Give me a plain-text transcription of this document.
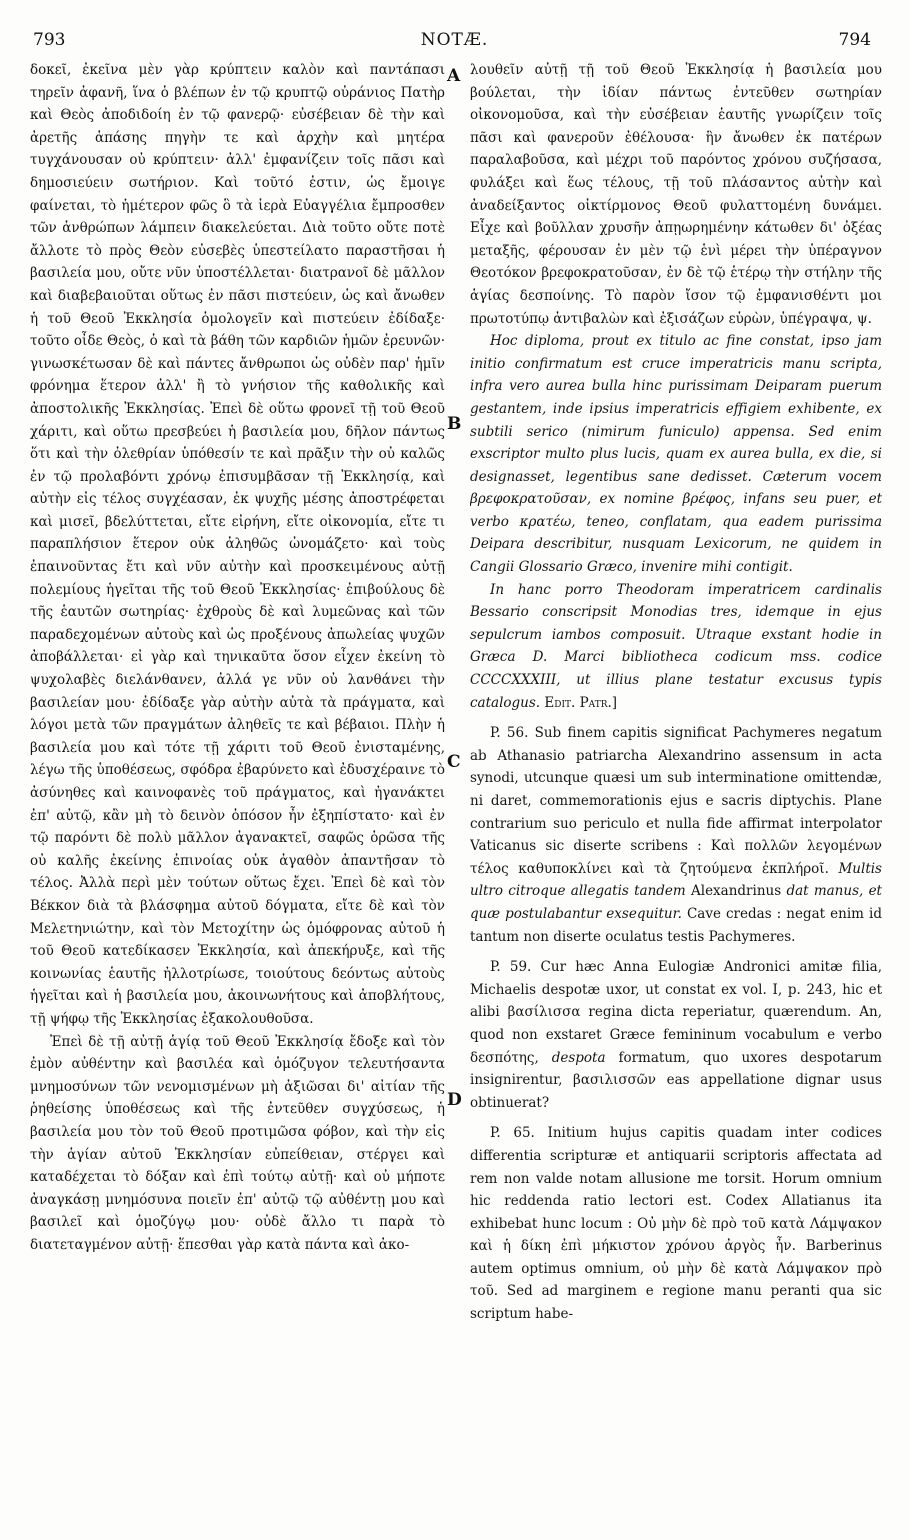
793	NOTÆ.	794

δοκεῖ, ἐκεῖνα μὲν γὰρ κρύπτειν καλὸν καὶ παντάπασι τηρεῖν ἀφανῆ, ἵνα ὁ βλέπων ἐν τῷ κρυπτῷ οὐράνιος Πατὴρ καὶ Θεὸς ἀποδιδοίη ἐν τῷ φανερῷ· εὐσέβειαν δὲ τὴν καὶ ἀρετῆς ἁπάσης πηγὴν τε καὶ ἀρχὴν καὶ μητέρα τυγχάνουσαν οὐ κρύπτειν· ἀλλ' ἐμφανίζειν τοῖς πᾶσι καὶ δημοσιεύειν σωτήριον. Καὶ τοῦτό ἐστιν, ὡς ἔμοιγε φαίνεται, τὸ ἡμέτερον φῶς ὃ τὰ ἱερὰ Εὐαγγέλια ἔμπροσθεν τῶν ἀνθρώπων λάμπειν διακελεύεται. Διὰ τοῦτο οὔτε ποτὲ ἄλλοτε τὸ πρὸς Θεὸν εὐσεβὲς ὑπεστείλατο παραστῆσαι ἡ βασιλεία μου, οὔτε νῦν ὑποστέλλεται· διατρανοῖ δὲ μᾶλλον καὶ διαβεβαιοῦται οὕτως ἐν πᾶσι πιστεύειν, ὡς καὶ ἄνωθεν ἡ τοῦ Θεοῦ Ἐκκλησία ὁμολογεῖν καὶ πιστεύειν ἐδίδαξε· τοῦτο οἶδε Θεὸς, ὁ καὶ τὰ βάθη τῶν καρδιῶν ἡμῶν ἐρευνῶν· γινωσκέτωσαν δὲ καὶ πάντες ἄνθρωποι ὡς οὐδὲν παρ' ἡμῖν φρόνημα ἕτερον ἀλλ' ἢ τὸ γνήσιον τῆς καθολικῆς καὶ ἀποστολικῆς Ἐκκλησίας. Ἐπεὶ δὲ οὕτω φρονεῖ τῇ τοῦ Θεοῦ χάριτι, καὶ οὕτω πρεσβεύει ἡ βασιλεία μου, δῆλον πάντως ὅτι καὶ τὴν ὀλεθρίαν ὑπόθεσίν τε καὶ πρᾶξιν τὴν οὐ καλῶς ἐν τῷ προλαβόντι χρόνῳ ἐπισυμβᾶσαν τῇ Ἐκκλησίᾳ, καὶ αὐτὴν εἰς τέλος συγχέασαν, ἐκ ψυχῆς μέσης ἀποστρέφεται καὶ μισεῖ, βδελύττεται, εἴτε εἰρήνη, εἴτε οἰκονομία, εἴτε τι παραπλήσιον ἕτερον οὐκ ἀληθῶς ὠνομάζετο· καὶ τοὺς ἐπαινοῦντας ἔτι καὶ νῦν αὐτὴν καὶ προσκειμένους αὐτῇ πολεμίους ἡγεῖται τῆς τοῦ Θεοῦ Ἐκκλησίας· ἐπιβούλους δὲ τῆς ἑαυτῶν σωτηρίας· ἐχθροὺς δὲ καὶ λυμεῶνας καὶ τῶν παραδεχομένων αὐτοὺς καὶ ὡς προξένους ἀπωλείας ψυχῶν ἀποβάλλεται· εἰ γὰρ καὶ τηνικαῦτα ὅσον εἶχεν ἐκείνη τὸ ψυχολαβὲς διελάνθανεν, ἀλλά γε νῦν οὐ λανθάνει τὴν βασιλείαν μου· ἐδίδαξε γὰρ αὐτὴν αὐτὰ τὰ πράγματα, καὶ λόγοι μετὰ τῶν πραγμάτων ἀληθεῖς τε καὶ βέβαιοι. Πλὴν ἡ βασιλεία μου καὶ τότε τῇ χάριτι τοῦ Θεοῦ ἐνισταμένης, λέγω τῆς ὑποθέσεως, σφόδρα ἐβαρύνετο καὶ ἐδυσχέραινε τὸ ἀσύνηθες καὶ καινοφανὲς τοῦ πράγματος, καὶ ἠγανάκτει ἐπ' αὐτῷ, κἂν μὴ τὸ δεινὸν ὁπόσον ἦν ἐξηπίστατο· καὶ ἐν τῷ παρόντι δὲ πολὺ μᾶλλον ἀγανακτεῖ, σαφῶς ὁρῶσα τῆς οὐ καλῆς ἐκείνης ἐπινοίας οὐκ ἀγαθὸν ἀπαντῆσαν τὸ τέλος. Ἀλλὰ περὶ μὲν τούτων οὕτως ἔχει. Ἐπεὶ δὲ καὶ τὸν Βέκκον διὰ τὰ βλάσφημα αὐτοῦ δόγματα, εἴτε δὲ καὶ τὸν Μελετηνιώτην, καὶ τὸν Μετοχίτην ὡς ὁμόφρονας αὐτοῦ ἡ τοῦ Θεοῦ κατεδίκασεν Ἐκκλησία, καὶ ἀπεκήρυξε, καὶ τῆς κοινωνίας ἑαυτῆς ἠλλοτρίωσε, τοιούτους δεόντως αὐτοὺς ἡγεῖται καὶ ἡ βασιλεία μου, ἀκοινωνήτους καὶ ἀποβλήτους, τῇ ψήφῳ τῆς Ἐκκλησίας ἐξακολουθοῦσα.

Ἐπεὶ δὲ τῇ αὐτῇ ἁγίᾳ τοῦ Θεοῦ Ἐκκλησίᾳ ἔδοξε καὶ τὸν ἐμὸν αὐθέντην καὶ βασιλέα καὶ ὁμόζυγον τελευτήσαντα μνημοσύνων τῶν νενομισμένων μὴ ἀξιῶσαι δι' αἰτίαν τῆς ῥηθείσης ὑποθέσεως καὶ τῆς ἐντεῦθεν συγχύσεως, ἡ βασιλεία μου τὸν τοῦ Θεοῦ προτιμῶσα φόβον, καὶ τὴν εἰς τὴν ἁγίαν αὐτοῦ Ἐκκλησίαν εὐπείθειαν, στέργει καὶ καταδέχεται τὸ δόξαν καὶ ἐπὶ τούτῳ αὐτῇ· καὶ οὐ μήποτε ἀναγκάσῃ μνημόσυνα ποιεῖν ἐπ' αὐτῷ τῷ αὐθέντῃ μου καὶ βασιλεῖ καὶ ὁμοζύγῳ μου· οὐδὲ ἄλλο τι παρὰ τὸ διατεταγμένον αὐτῇ· ἕπεσθαι γὰρ κατὰ πάντα καὶ ἀκο-

A
B
C
D

λουθεῖν αὐτῇ τῇ τοῦ Θεοῦ Ἐκκλησίᾳ ἡ βασιλεία μου βούλεται, τὴν ἰδίαν πάντως ἐντεῦθεν σωτηρίαν οἰκονομοῦσα, καὶ τὴν εὐσέβειαν ἑαυτῆς γνωρίζειν τοῖς πᾶσι καὶ φανεροῦν ἐθέλουσα· ἣν ἄνωθεν ἐκ πατέρων παραλαβοῦσα, καὶ μέχρι τοῦ παρόντος χρόνου συζήσασα, φυλάξει καὶ ἕως τέλους, τῇ τοῦ πλάσαντος αὐτὴν καὶ ἀναδείξαντος οἰκτίρμονος Θεοῦ φυλαττομένη δυνάμει. Εἶχε καὶ βοῦλλαν χρυσῆν ἀπῃωρημένην κάτωθεν δι' ὀξέας μεταξῆς, φέρουσαν ἐν μὲν τῷ ἑνὶ μέρει τὴν ὑπέραγνον Θεοτόκον βρεφοκρατοῦσαν, ἐν δὲ τῷ ἑτέρῳ τὴν στήλην τῆς ἁγίας δεσποίνης. Τὸ παρὸν ἴσον τῷ ἐμφανισθέντι μοι πρωτοτύπῳ ἀντιβαλὼν καὶ ἐξισάζων εὑρὼν, ὑπέγραψα, ψ.

Hoc diploma, prout ex titulo ac fine constat, ipso jam initio confirmatum est cruce imperatricis manu scripta, infra vero aurea bulla hinc purissimam Deiparam puerum gestantem, inde ipsius imperatricis effigiem exhibente, ex subtili serico (nimirum funiculo) appensa. Sed enim exscriptor multo plus lucis, quam ex aurea bulla, ex die, si designasset, legentibus sane dedisset. Cæterum vocem βρεφοκρατοῦσαν, ex nomine βρέφος, infans seu puer, et verbo κρατέω, teneo, conflatam, qua eadem purissima Deipara describitur, nusquam Lexicorum, ne quidem in Cangii Glossario Græco, invenire mihi contigit.

In hanc porro Theodoram imperatricem cardinalis Bessario conscripsit Monodias tres, idemque in ejus sepulcrum iambos composuit. Utraque exstant hodie in Græca D. Marci bibliotheca codicum mss. codice CCCCXXXIII, ut illius plane testatur excusus typis catalogus. Edit. Patr.]

P. 56. Sub finem capitis significat Pachymeres negatum ab Athanasio patriarcha Alexandrino assensum in acta synodi, utcunque quæsi um sub interminatione omittendæ, ni daret, commemorationis ejus e sacris diptychis. Plane contrarium suo periculo et nulla fide affirmat interpolator Vaticanus sic diserte scribens : Καὶ πολλῶν λεγομένων τέλος καθυποκλίνει καὶ τὰ ζητούμενα ἐκπλήροῖ. Multis ultro citroque allegatis tandem Alexandrinus dat manus, et quæ postulabantur exsequitur. Cave credas : negat enim id tantum non diserte oculatus testis Pachymeres.

P. 59. Cur hæc Anna Eulogiæ Andronici amitæ filia, Michaelis despotæ uxor, ut constat ex vol. I, p. 243, hic et alibi βασίλισσα regina dicta reperiatur, quærendum. An, quod non exstaret Græce femininum vocabulum e verbo δεσπότης, despota formatum, quo uxores despotarum insignirentur, βασιλισσῶν eas appellatione dignar usus obtinuerat?

P. 65. Initium hujus capitis quadam inter codices differentia scripturæ et antiquarii scriptoris affectata ad rem non valde notam allusione me torsit. Horum omnium hic reddenda ratio lectori est. Codex Allatianus ita exhibebat hunc locum : Οὐ μὴν δὲ πρὸ τοῦ κατὰ Λάμψακον καὶ ἡ δίκη ἐπὶ μήκιστον χρόνου ἀργὸς ἦν. Barberinus autem optimus omnium, οὐ μὴν δὲ κατὰ Λάμψακον πρὸ τοῦ. Sed ad marginem e regione manu peranti qua sic scriptum habe-
